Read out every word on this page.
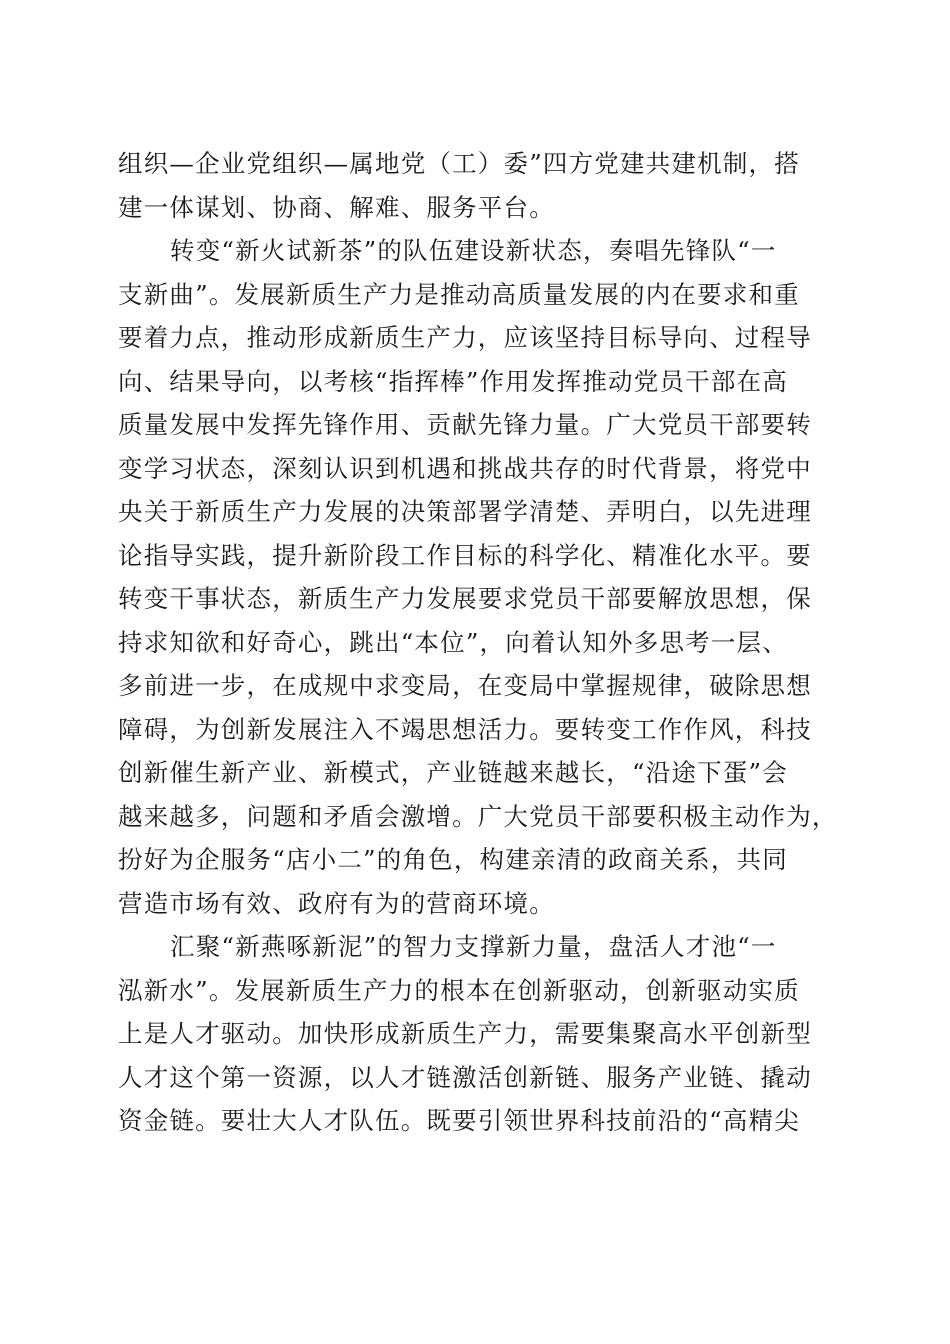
组织—企业党组织—属地党（工）委”四方党建共建机制，搭
建一体谋划、协商、解难、服务平台。
转变“新火试新茶”的队伍建设新状态，奏唱先锋队“一
支新曲”。发展新质生产力是推动高质量发展的内在要求和重
要着力点，推动形成新质生产力，应该坚持目标导向、过程导
向、结果导向，以考核“指挥棒”作用发挥推动党员干部在高
质量发展中发挥先锋作用、贡献先锋力量。广大党员干部要转
变学习状态，深刻认识到机遇和挑战共存的时代背景，将党中
央关于新质生产力发展的决策部署学清楚、弄明白，以先进理
论指导实践，提升新阶段工作目标的科学化、精准化水平。要
转变干事状态，新质生产力发展要求党员干部要解放思想，保
持求知欲和好奇心，跳出“本位”，向着认知外多思考一层、
多前进一步，在成规中求变局，在变局中掌握规律，破除思想
障碍，为创新发展注入不竭思想活力。要转变工作作风，科技
创新催生新产业、新模式，产业链越来越长，“沿途下蛋”会
越来越多，问题和矛盾会激增。广大党员干部要积极主动作为，
扮好为企服务“店小二”的角色，构建亲清的政商关系，共同
营造市场有效、政府有为的营商环境。
汇聚“新燕啄新泥”的智力支撑新力量，盘活人才池“一
泓新水”。发展新质生产力的根本在创新驱动，创新驱动实质
上是人才驱动。加快形成新质生产力，需要集聚高水平创新型
人才这个第一资源，以人才链激活创新链、服务产业链、撬动
资金链。要壮大人才队伍。既要引领世界科技前沿的“高精尖
